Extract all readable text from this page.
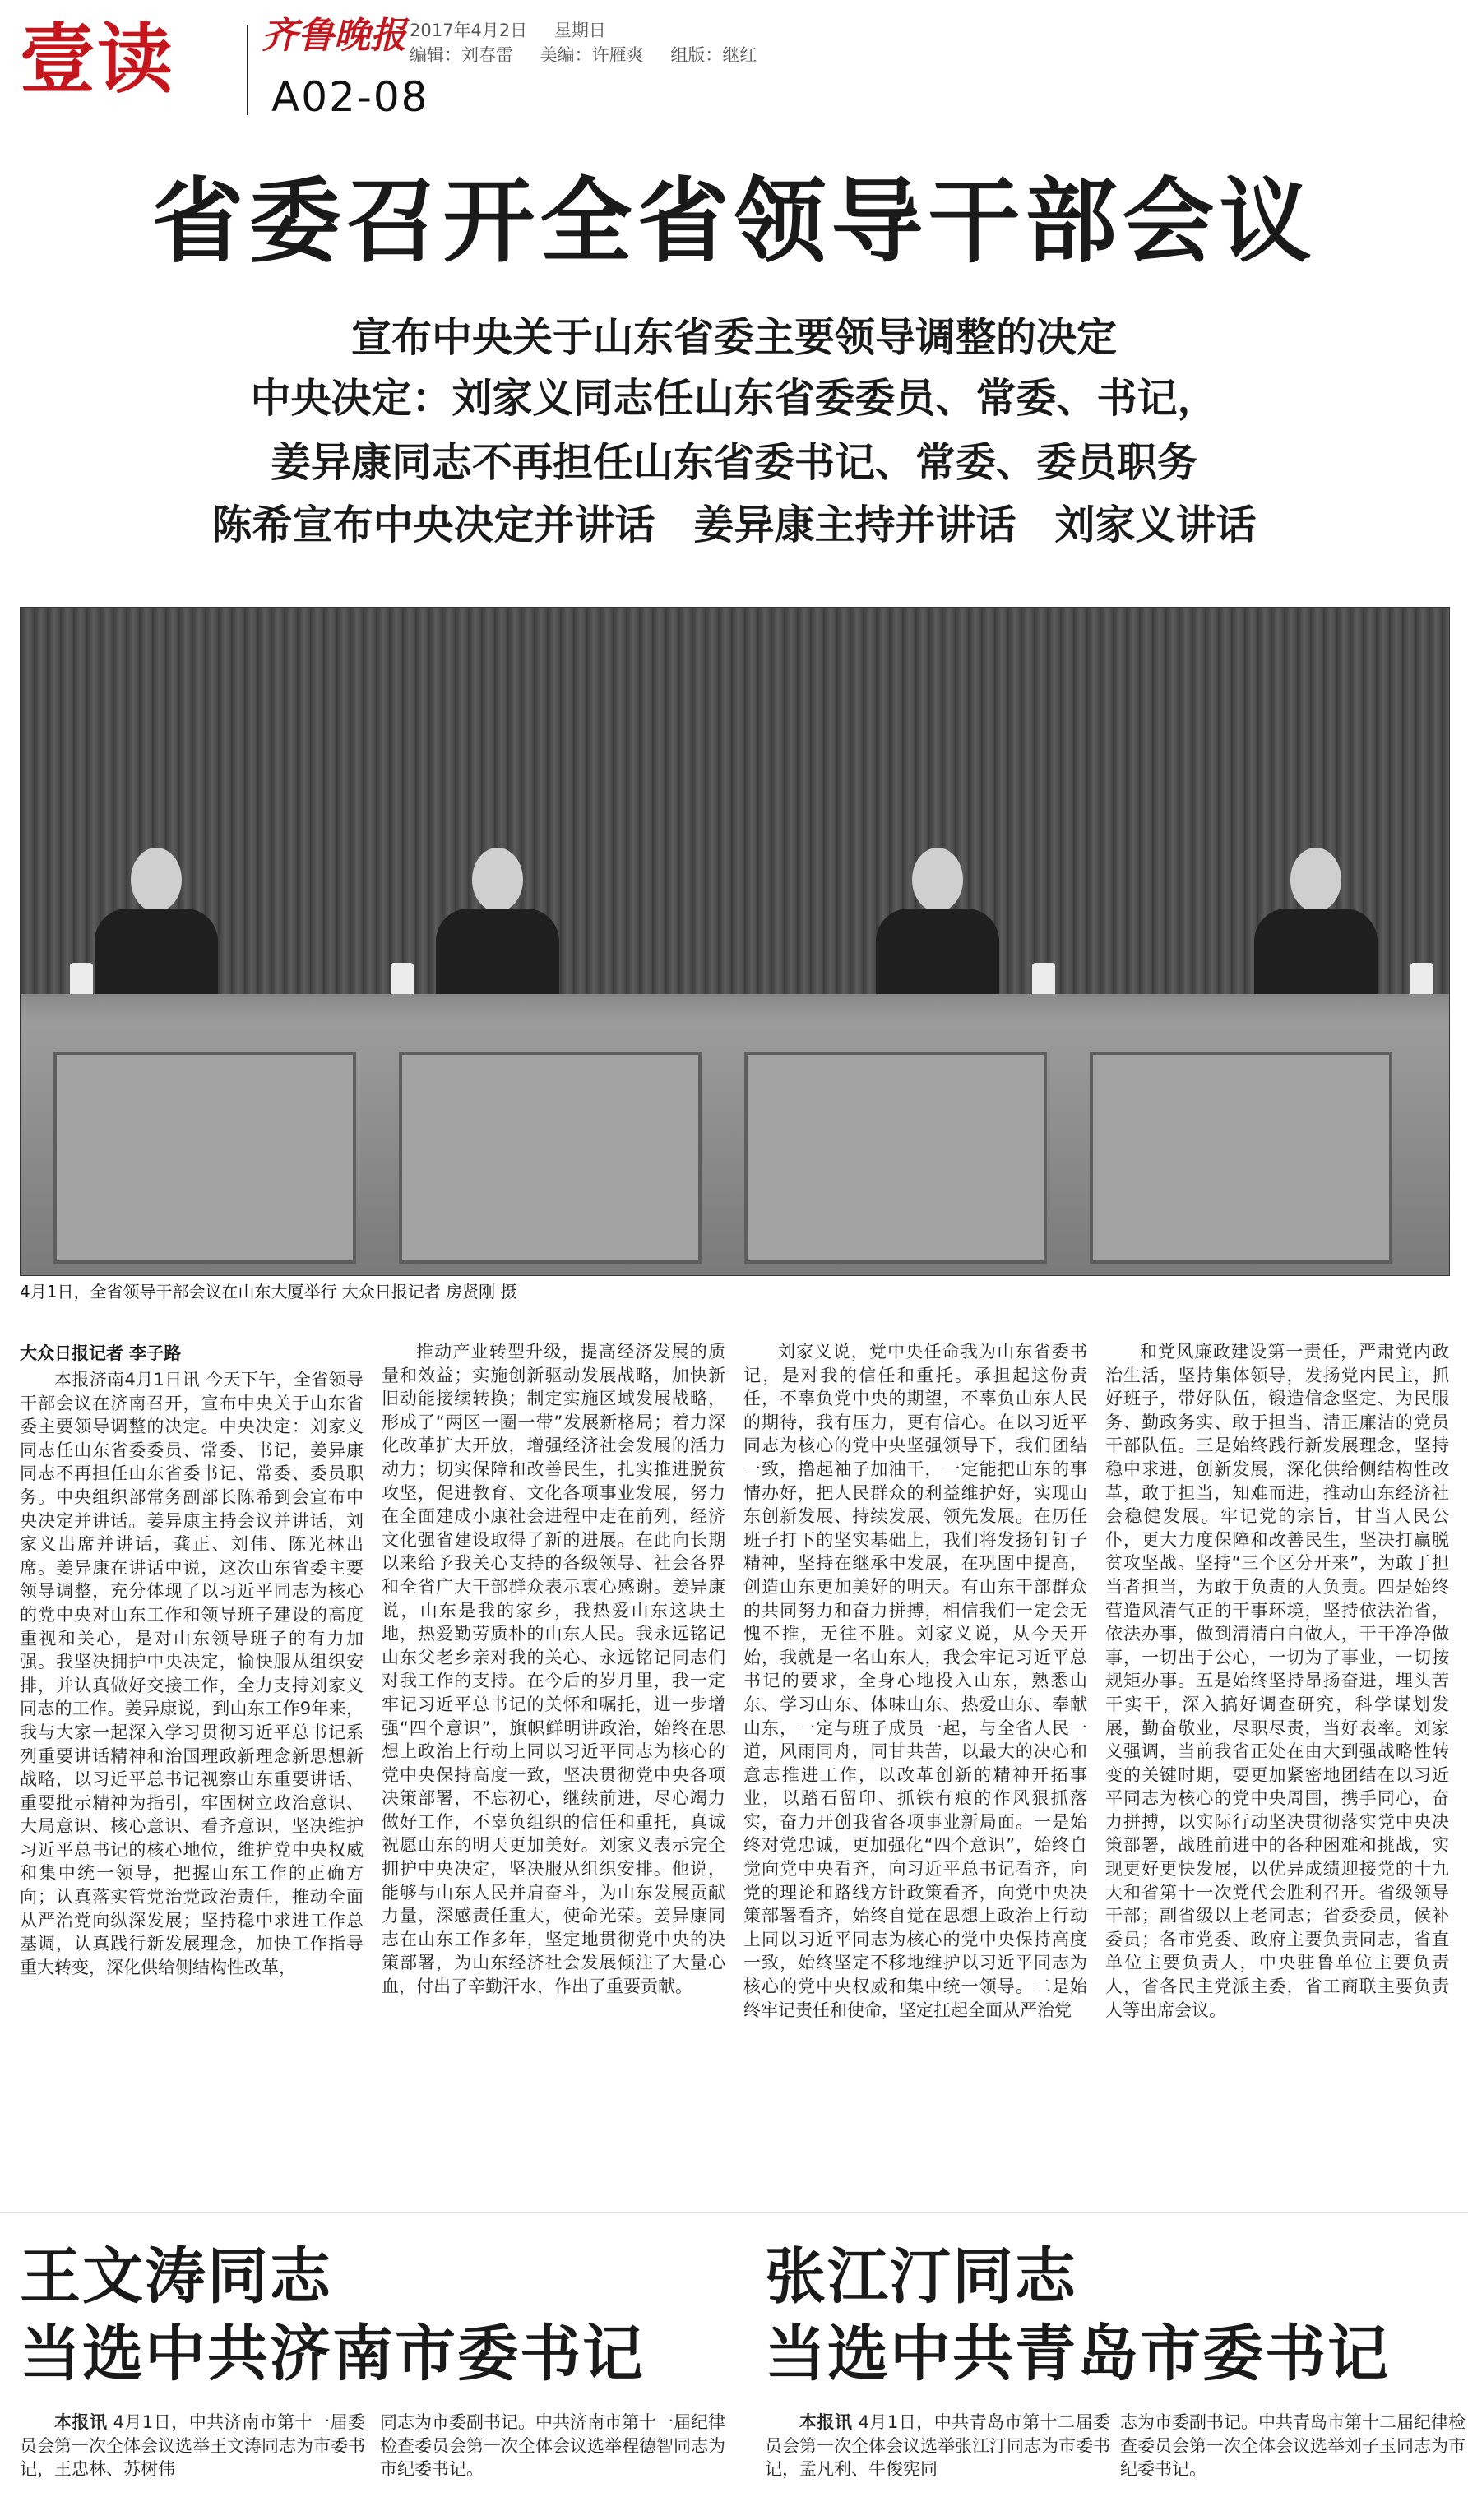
壹读 齐鲁晚报 2017年4月2日 星期日
编辑：刘春雷 美编：许雁爽 组版：继红
A02-08
省委召开全省领导干部会议
宣布中央关于山东省委主要领导调整的决定
中央决定：刘家义同志任山东省委委员、常委、书记，
姜异康同志不再担任山东省委书记、常委、委员职务
陈希宣布中央决定并讲话 姜异康主持并讲话 刘家义讲话
4月1日，全省领导干部会议在山东大厦举行 大众日报记者 房贤刚 摄
大众日报记者 李子路
本报济南4月1日讯 今天下午，全省领导干部会议在济南召开，宣布中央关于山东省委主要领导调整的决定。中央决定：刘家义同志任山东省委委员、常委、书记，姜异康同志不再担任山东省委书记、常委、委员职务。中央组织部常务副部长陈希到会宣布中央决定并讲话。姜异康主持会议并讲话，刘家义出席并讲话，龚正、刘伟、陈光林出席。姜异康在讲话中说，这次山东省委主要领导调整，充分体现了以习近平同志为核心的党中央对山东工作和领导班子建设的高度重视和关心，是对山东领导班子的有力加强。我坚决拥护中央决定，愉快服从组织安排，并认真做好交接工作，全力支持刘家义同志的工作。姜异康说，到山东工作9年来，我与大家一起深入学习贯彻习近平总书记系列重要讲话精神和治国理政新理念新思想新战略，以习近平总书记视察山东重要讲话、重要批示精神为指引，牢固树立政治意识、大局意识、核心意识、看齐意识，坚决维护习近平总书记的核心地位，维护党中央权威和集中统一领导，把握山东工作的正确方向；认真落实管党治党政治责任，推动全面从严治党向纵深发展；坚持稳中求进工作总基调，认真践行新发展理念，加快工作指导重大转变，深化供给侧结构性改革，
推动产业转型升级，提高经济发展的质量和效益；实施创新驱动发展战略，加快新旧动能接续转换；制定实施区域发展战略，形成了“两区一圈一带”发展新格局；着力深化改革扩大开放，增强经济社会发展的活力动力；切实保障和改善民生，扎实推进脱贫攻坚，促进教育、文化各项事业发展，努力在全面建成小康社会进程中走在前列，经济文化强省建设取得了新的进展。在此向长期以来给予我关心支持的各级领导、社会各界和全省广大干部群众表示衷心感谢。姜异康说，山东是我的家乡，我热爱山东这块土地，热爱勤劳质朴的山东人民。我永远铭记山东父老乡亲对我的关心、永远铭记同志们对我工作的支持。在今后的岁月里，我一定牢记习近平总书记的关怀和嘱托，进一步增强“四个意识”，旗帜鲜明讲政治，始终在思想上政治上行动上同以习近平同志为核心的党中央保持高度一致，坚决贯彻党中央各项决策部署，不忘初心，继续前进，尽心竭力做好工作，不辜负组织的信任和重托，真诚祝愿山东的明天更加美好。刘家义表示完全拥护中央决定，坚决服从组织安排。他说，能够与山东人民并肩奋斗，为山东发展贡献力量，深感责任重大，使命光荣。姜异康同志在山东工作多年，坚定地贯彻党中央的决策部署，为山东经济社会发展倾注了大量心血，付出了辛勤汗水，作出了重要贡献。
刘家义说，党中央任命我为山东省委书记，是对我的信任和重托。承担起这份责任，不辜负党中央的期望，不辜负山东人民的期待，我有压力，更有信心。在以习近平同志为核心的党中央坚强领导下，我们团结一致，撸起袖子加油干，一定能把山东的事情办好，把人民群众的利益维护好，实现山东创新发展、持续发展、领先发展。在历任班子打下的坚实基础上，我们将发扬钉钉子精神，坚持在继承中发展，在巩固中提高，创造山东更加美好的明天。有山东干部群众的共同努力和奋力拼搏，相信我们一定会无愧不推，无往不胜。刘家义说，从今天开始，我就是一名山东人，我会牢记习近平总书记的要求，全身心地投入山东，熟悉山东、学习山东、体味山东、热爱山东、奉献山东，一定与班子成员一起，与全省人民一道，风雨同舟，同甘共苦，以最大的决心和意志推进工作，以改革创新的精神开拓事业，以踏石留印、抓铁有痕的作风狠抓落实，奋力开创我省各项事业新局面。一是始终对党忠诚，更加强化“四个意识”，始终自觉向党中央看齐，向习近平总书记看齐，向党的理论和路线方针政策看齐，向党中央决策部署看齐，始终自觉在思想上政治上行动上同以习近平同志为核心的党中央保持高度一致，始终坚定不移地维护以习近平同志为核心的党中央权威和集中统一领导。二是始终牢记责任和使命，坚定扛起全面从严治党
和党风廉政建设第一责任，严肃党内政治生活，坚持集体领导，发扬党内民主，抓好班子，带好队伍，锻造信念坚定、为民服务、勤政务实、敢于担当、清正廉洁的党员干部队伍。三是始终践行新发展理念，坚持稳中求进，创新发展，深化供给侧结构性改革，敢于担当，知难而进，推动山东经济社会稳健发展。牢记党的宗旨，甘当人民公仆，更大力度保障和改善民生，坚决打赢脱贫攻坚战。坚持“三个区分开来”，为敢于担当者担当，为敢于负责的人负责。四是始终营造风清气正的干事环境，坚持依法治省，依法办事，做到清清白白做人，干干净净做事，一切出于公心，一切为了事业，一切按规矩办事。五是始终坚持昂扬奋进，埋头苦干实干，深入搞好调查研究，科学谋划发展，勤奋敬业，尽职尽责，当好表率。刘家义强调，当前我省正处在由大到强战略性转变的关键时期，要更加紧密地团结在以习近平同志为核心的党中央周围，携手同心，奋力拼搏，以实际行动坚决贯彻落实党中央决策部署，战胜前进中的各种困难和挑战，实现更好更快发展，以优异成绩迎接党的十九大和省第十一次党代会胜利召开。省级领导干部；副省级以上老同志；省委委员，候补委员；各市党委、政府主要负责同志，省直单位主要负责人，中央驻鲁单位主要负责人，省各民主党派主委，省工商联主要负责人等出席会议。
王文涛同志
当选中共济南市委书记
张江汀同志
当选中共青岛市委书记
本报讯 4月1日，中共济南市第十一届委员会第一次全体会议选举王文涛同志为市委书记，王忠林、苏树伟
同志为市委副书记。中共济南市第十一届纪律检查委员会第一次全体会议选举程德智同志为市纪委书记。
本报讯 4月1日，中共青岛市第十二届委员会第一次全体会议选举张江汀同志为市委书记，孟凡利、牛俊宪同
志为市委副书记。中共青岛市第十二届纪律检查委员会第一次全体会议选举刘子玉同志为市纪委书记。
